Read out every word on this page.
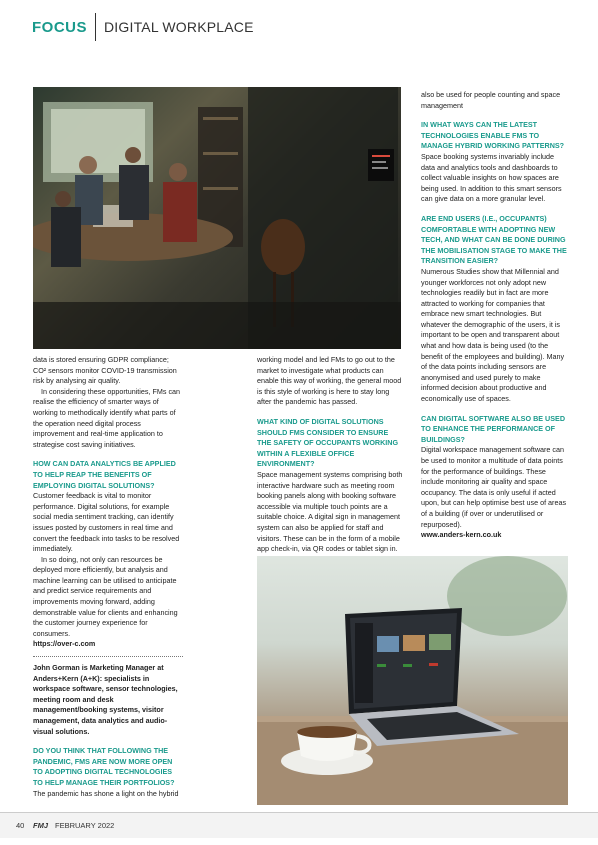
FOCUS DIGITAL WORKPLACE

data is stored ensuring GDPR compliance; CO² sensors monitor COVID-19 transmission risk by analysing air quality.

In considering these opportunities, FMs can realise the efficiency of smarter ways of working to methodically identify what parts of the operation need digital process improvement and real-time application to strategise cost saving initiatives.

HOW CAN DATA ANALYTICS BE APPLIED TO HELP REAP THE BENEFITS OF EMPLOYING DIGITAL SOLUTIONS?

Customer feedback is vital to monitor performance. Digital solutions, for example social media sentiment tracking, can identify issues posted by customers in real time and convert the feedback into tasks to be resolved immediately.

In so doing, not only can resources be deployed more efficiently, but analysis and machine learning can be utilised to anticipate and predict service requirements and improvements moving forward, adding demonstrable value for clients and enhancing the customer journey experience for consumers.

https://over-c.com

John Gorman is Marketing Manager at Anders+Kern (A+K): specialists in workspace software, sensor technologies, meeting room and desk management/booking systems, visitor management, data analytics and audio-visual solutions.

DO YOU THINK THAT FOLLOWING THE PANDEMIC, FMS ARE NOW MORE OPEN TO ADOPTING DIGITAL TECHNOLOGIES TO HELP MANAGE THEIR PORTFOLIOS?

The pandemic has shone a light on the hybrid

working model and led FMs to go out to the market to investigate what products can enable this way of working, the general mood is this style of working is here to stay long after the pandemic has passed.

WHAT KIND OF DIGITAL SOLUTIONS SHOULD FMS CONSIDER TO ENSURE THE SAFETY OF OCCUPANTS WORKING WITHIN A FLEXIBLE OFFICE ENVIRONMENT?

Space management systems comprising both interactive hardware such as meeting room booking panels along with booking software accessible via multiple touch points are a suitable choice. A digital sign in management system can also be applied for staff and visitors. These can be in the form of a mobile app check-in, via QR codes or tablet sign in.

also be used for people counting and space management

IN WHAT WAYS CAN THE LATEST TECHNOLOGIES ENABLE FMS TO MANAGE HYBRID WORKING PATTERNS?

Space booking systems invariably include data and analytics tools and dashboards to collect valuable insights on how spaces are being used. In addition to this smart sensors can give data on a more granular level.

ARE END USERS (I.E., OCCUPANTS) COMFORTABLE WITH ADOPTING NEW TECH, AND WHAT CAN BE DONE DURING THE MOBILISATION STAGE TO MAKE THE TRANSITION EASIER?

Numerous Studies show that Millennial and younger workforces not only adopt new technologies readily but in fact are more attracted to working for companies that embrace new smart technologies. But whatever the demographic of the users, it is important to be open and transparent about what and how data is being used (to the benefit of the employees and building). Many of the data points including sensors are anonymised and used purely to make informed decision about productive and economically use of spaces.

CAN DIGITAL SOFTWARE ALSO BE USED TO ENHANCE THE PERFORMANCE OF BUILDINGS?

Digital workspace management software can be used to monitor a multitude of data points for the performance of buildings. These include monitoring air quality and space occupancy. The data is only useful if acted upon, but can help optimise best use of areas of a building (if over or underutilised or repurposed).

www.anders-kern.co.uk

40 FMJ FEBRUARY 2022
